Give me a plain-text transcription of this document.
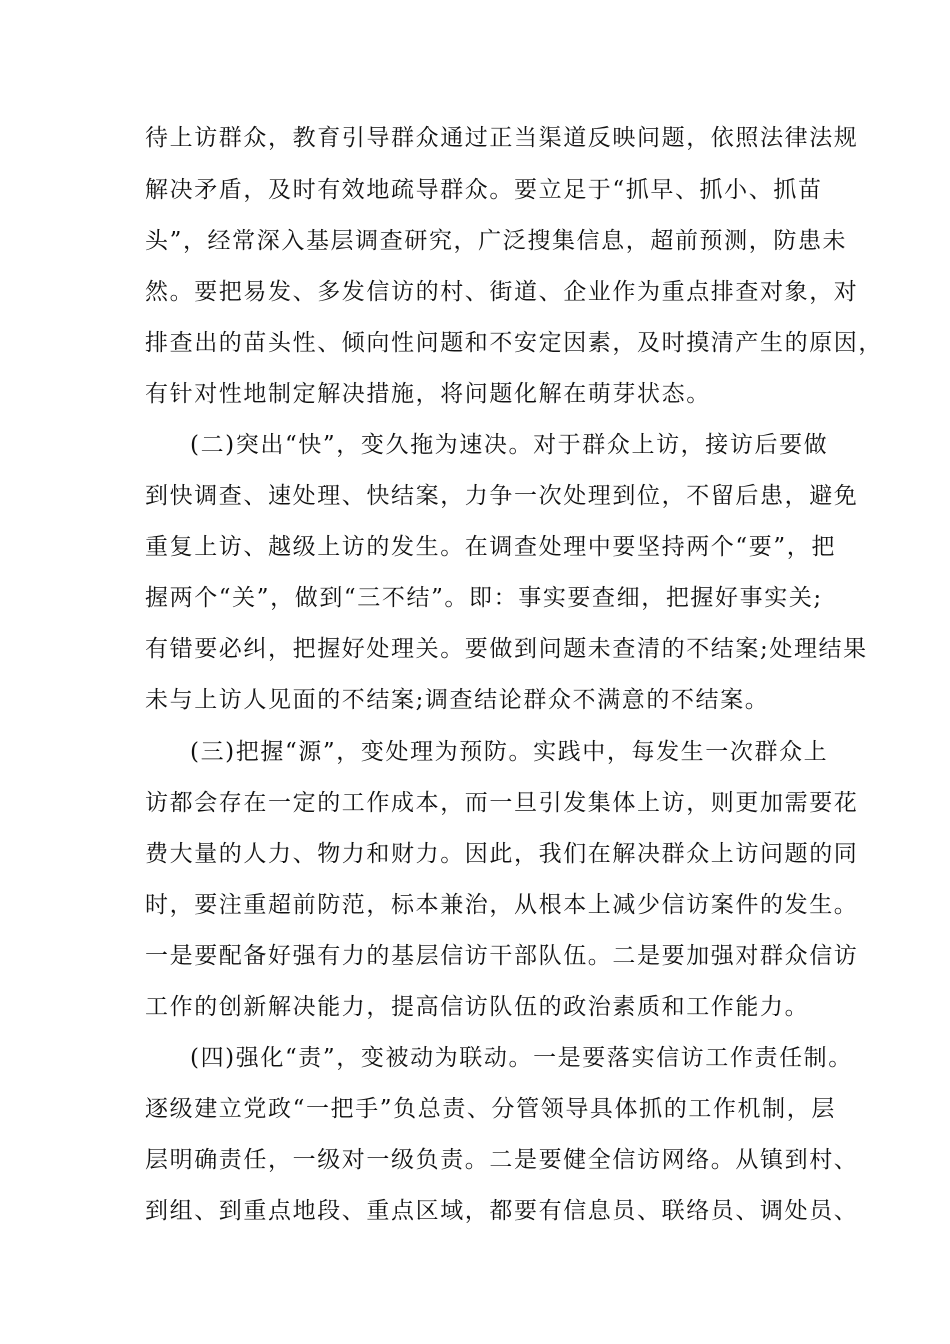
待上访群众，教育引导群众通过正当渠道反映问题，依照法律法规

解决矛盾，及时有效地疏导群众。要立足于“抓早、抓小、抓苗

头”，经常深入基层调查研究，广泛搜集信息，超前预测，防患未

然。要把易发、多发信访的村、街道、企业作为重点排查对象，对

排查出的苗头性、倾向性问题和不安定因素，及时摸清产生的原因，

有针对性地制定解决措施，将问题化解在萌芽状态。

(二)突出“快”，变久拖为速决。对于群众上访，接访后要做

到快调查、速处理、快结案，力争一次处理到位，不留后患，避免

重复上访、越级上访的发生。在调查处理中要坚持两个“要”，把

握两个“关”，做到“三不结”。即：事实要查细，把握好事实关;

有错要必纠，把握好处理关。要做到问题未查清的不结案;处理结果

未与上访人见面的不结案;调查结论群众不满意的不结案。

(三)把握“源”，变处理为预防。实践中，每发生一次群众上

访都会存在一定的工作成本，而一旦引发集体上访，则更加需要花

费大量的人力、物力和财力。因此，我们在解决群众上访问题的同

时，要注重超前防范，标本兼治，从根本上减少信访案件的发生。

一是要配备好强有力的基层信访干部队伍。二是要加强对群众信访

工作的创新解决能力，提高信访队伍的政治素质和工作能力。

(四)强化“责”，变被动为联动。一是要落实信访工作责任制。

逐级建立党政“一把手”负总责、分管领导具体抓的工作机制，层

层明确责任，一级对一级负责。二是要健全信访网络。从镇到村、

到组、到重点地段、重点区域，都要有信息员、联络员、调处员、
